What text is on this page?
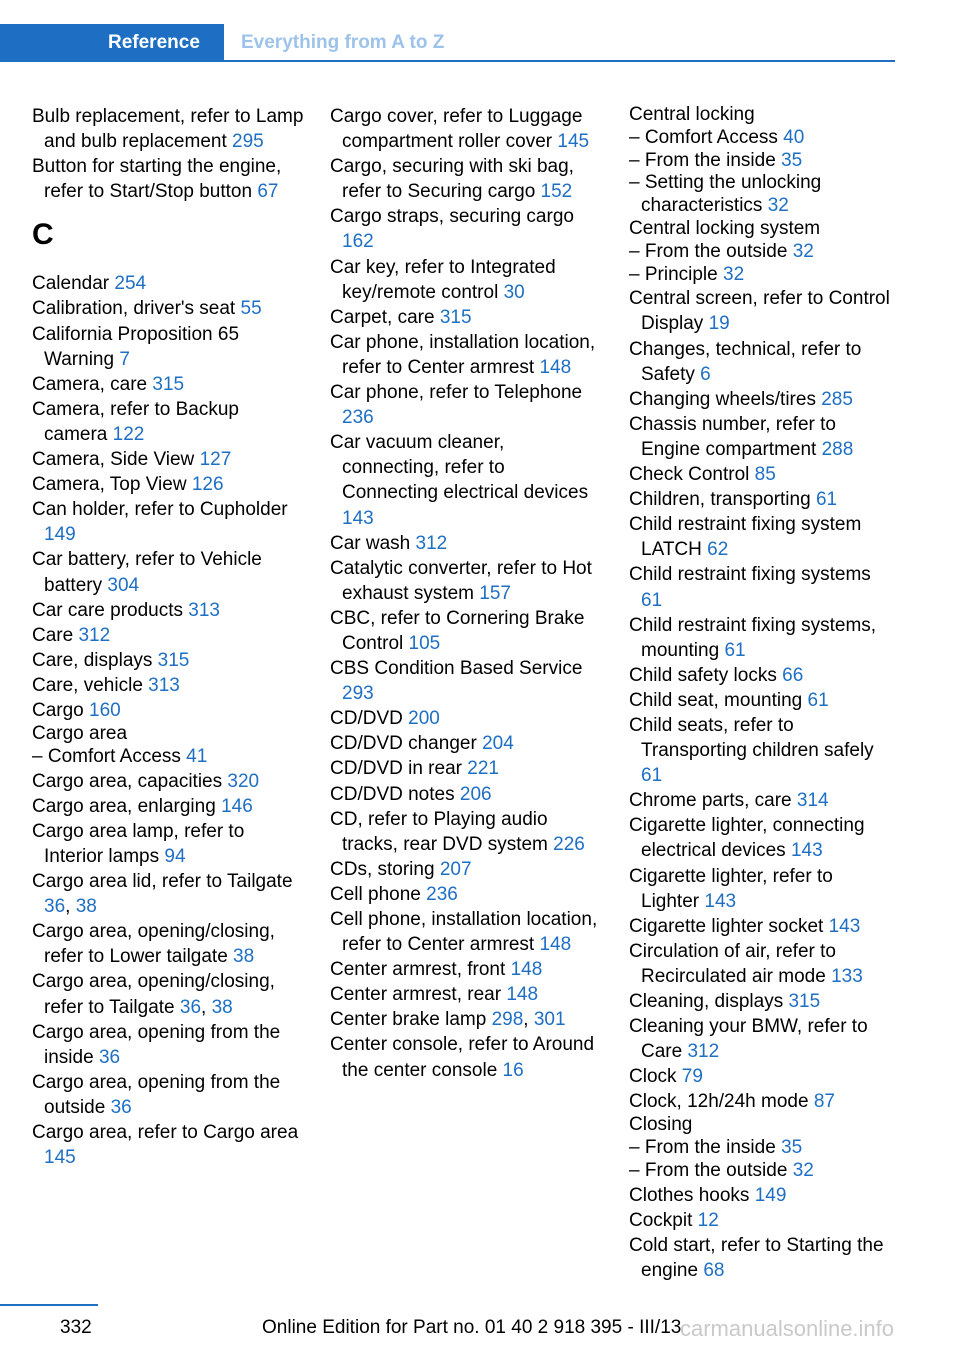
Reference	Everything from A to Z
Bulb replacement, refer to Lamp and bulb replacement 295
Button for starting the engine, refer to Start/Stop button 67
C
Calendar 254
Calibration, driver's seat 55
California Proposition 65 Warning 7
Camera, care 315
Camera, refer to Backup camera 122
Camera, Side View 127
Camera, Top View 126
Can holder, refer to Cupholder 149
Car battery, refer to Vehicle battery 304
Car care products 313
Care 312
Care, displays 315
Care, vehicle 313
Cargo 160
Cargo area
– Comfort Access 41
Cargo area, capacities 320
Cargo area, enlarging 146
Cargo area lamp, refer to Interior lamps 94
Cargo area lid, refer to Tailgate 36, 38
Cargo area, opening/closing, refer to Lower tailgate 38
Cargo area, opening/closing, refer to Tailgate 36, 38
Cargo area, opening from the inside 36
Cargo area, opening from the outside 36
Cargo area, refer to Cargo area 145
Cargo cover, refer to Luggage compartment roller cover 145
Cargo, securing with ski bag, refer to Securing cargo 152
Cargo straps, securing cargo 162
Car key, refer to Integrated key/remote control 30
Carpet, care 315
Car phone, installation location, refer to Center armrest 148
Car phone, refer to Telephone 236
Car vacuum cleaner, connecting, refer to Connecting electrical devices 143
Car wash 312
Catalytic converter, refer to Hot exhaust system 157
CBC, refer to Cornering Brake Control 105
CBS Condition Based Service 293
CD/DVD 200
CD/DVD changer 204
CD/DVD in rear 221
CD/DVD notes 206
CD, refer to Playing audio tracks, rear DVD system 226
CDs, storing 207
Cell phone 236
Cell phone, installation location, refer to Center armrest 148
Center armrest, front 148
Center armrest, rear 148
Center brake lamp 298, 301
Center console, refer to Around the center console 16
Central locking
– Comfort Access 40
– From the inside 35
– Setting the unlocking characteristics 32
Central locking system
– From the outside 32
– Principle 32
Central screen, refer to Control Display 19
Changes, technical, refer to Safety 6
Changing wheels/tires 285
Chassis number, refer to Engine compartment 288
Check Control 85
Children, transporting 61
Child restraint fixing system LATCH 62
Child restraint fixing systems 61
Child restraint fixing systems, mounting 61
Child safety locks 66
Child seat, mounting 61
Child seats, refer to Transporting children safely 61
Chrome parts, care 314
Cigarette lighter, connecting electrical devices 143
Cigarette lighter, refer to Lighter 143
Cigarette lighter socket 143
Circulation of air, refer to Recirculated air mode 133
Cleaning, displays 315
Cleaning your BMW, refer to Care 312
Clock 79
Clock, 12h/24h mode 87
Closing
– From the inside 35
– From the outside 32
Clothes hooks 149
Cockpit 12
Cold start, refer to Starting the engine 68
332	Online Edition for Part no. 01 40 2 918 395 - III/13
carmanualsonline.info
